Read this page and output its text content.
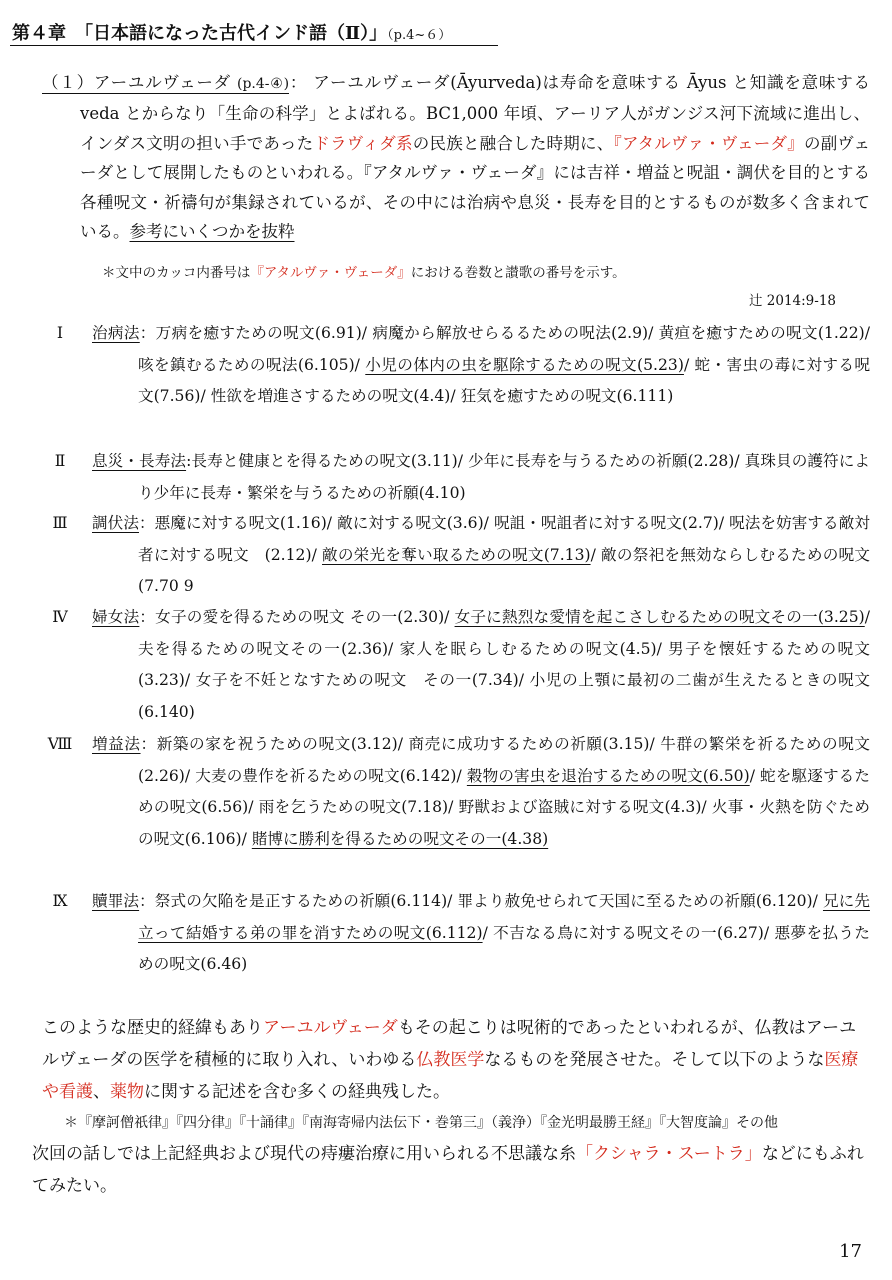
第４章　「日本語になった古代インド語（Ⅱ）」（p.4~６）
（１）アーユルヴェーダ (p.4-④)： アーユルヴェーダ(Āyurveda)は寿命を意味する Āyus と知識を意味する veda とからなり「生命の科学」とよばれる。BC1,000 年頃、アーリア人がガンジス河下流域に進出し、インダス文明の担い手であったドラヴィダ系の民族と融合した時期に、『アタルヴァ・ヴェーダ』の副ヴェーダとして展開したものといわれる。『アタルヴァ・ヴェーダ』には吉祥・増益と呪詛・調伏を目的とする各種呪文・祈禱句が集録されているが、その中には治病や息災・長寿を目的とするものが数多く含まれている。参考にいくつかを抜粋
＊文中のカッコ内番号は『アタルヴァ・ヴェーダ』における巻数と讃歌の番号を示す。
辻 2014:9-18
Ⅰ	治病法：万病を癒すための呪文(6.91)/ 病魔から解放せらるるための呪法(2.9)/ 黄疸を癒すための呪文(1.22)/ 咳を鎮むるための呪法(6.105)/ 小児の体内の虫を駆除するための呪文(5.23)/ 蛇・害虫の毒に対する呪文(7.56)/ 性欲を増進さするための呪文(4.4)/ 狂気を癒すための呪文(6.111)
Ⅱ	息災・長寿法:長寿と健康とを得るための呪文(3.11)/ 少年に長寿を与うるための祈願(2.28)/ 真珠貝の護符により少年に長寿・繁栄を与うるための祈願(4.10)
Ⅲ	調伏法：悪魔に対する呪文(1.16)/ 敵に対する呪文(3.6)/ 呪詛・呪詛者に対する呪文(2.7)/ 呪法を妨害する敵対者に対する呪文　(2.12)/ 敵の栄光を奪い取るための呪文(7.13)/ 敵の祭祀を無効ならしむるための呪文(7.70 9
Ⅳ	婦女法：女子の愛を得るための呪文 その一(2.30)/ 女子に熱烈な愛情を起こさしむるための呪文その一(3.25)/夫を得るための呪文その一(2.36)/ 家人を眠らしむるための呪文(4.5)/ 男子を懐妊するための呪文(3.23)/ 女子を不妊となすための呪文　その一(7.34)/ 小児の上顎に最初の二歯が生えたるときの呪文(6.140)
Ⅷ	増益法：新築の家を祝うための呪文(3.12)/ 商売に成功するための祈願(3.15)/ 牛群の繁栄を祈るための呪文(2.26)/ 大麦の豊作を祈るための呪文(6.142)/ 穀物の害虫を退治するための呪文(6.50)/ 蛇を駆逐するための呪文(6.56)/ 雨を乞うための呪文(7.18)/ 野獣および盗賊に対する呪文(4.3)/ 火事・火熱を防ぐための呪文(6.106)/ 賭博に勝利を得るための呪文その一(4.38)
Ⅸ	贖罪法：祭式の欠陥を是正するための祈願(6.114)/ 罪より赦免せられて天国に至るための祈願(6.120)/ 兄に先立って結婚する弟の罪を消すための呪文(6.112)/ 不吉なる鳥に対する呪文その一(6.27)/ 悪夢を払うための呪文(6.46)
このような歴史的経緯もありアーユルヴェーダもその起こりは呪術的であったといわれるが、仏教はアーユルヴェーダの医学を積極的に取り入れ、いわゆる仏教医学なるものを発展させた。そして以下のような医療や看護、薬物に関する記述を含む多くの経典残した。
＊『摩訶僧祇律』『四分律』『十誦律』『南海寄帰内法伝下・巻第三』（義浄）『金光明最勝王経』『大智度論』その他
次回の話しでは上記経典および現代の痔瘻治療に用いられる不思議な糸「クシャラ・スートラ」などにもふれてみたい。
17
